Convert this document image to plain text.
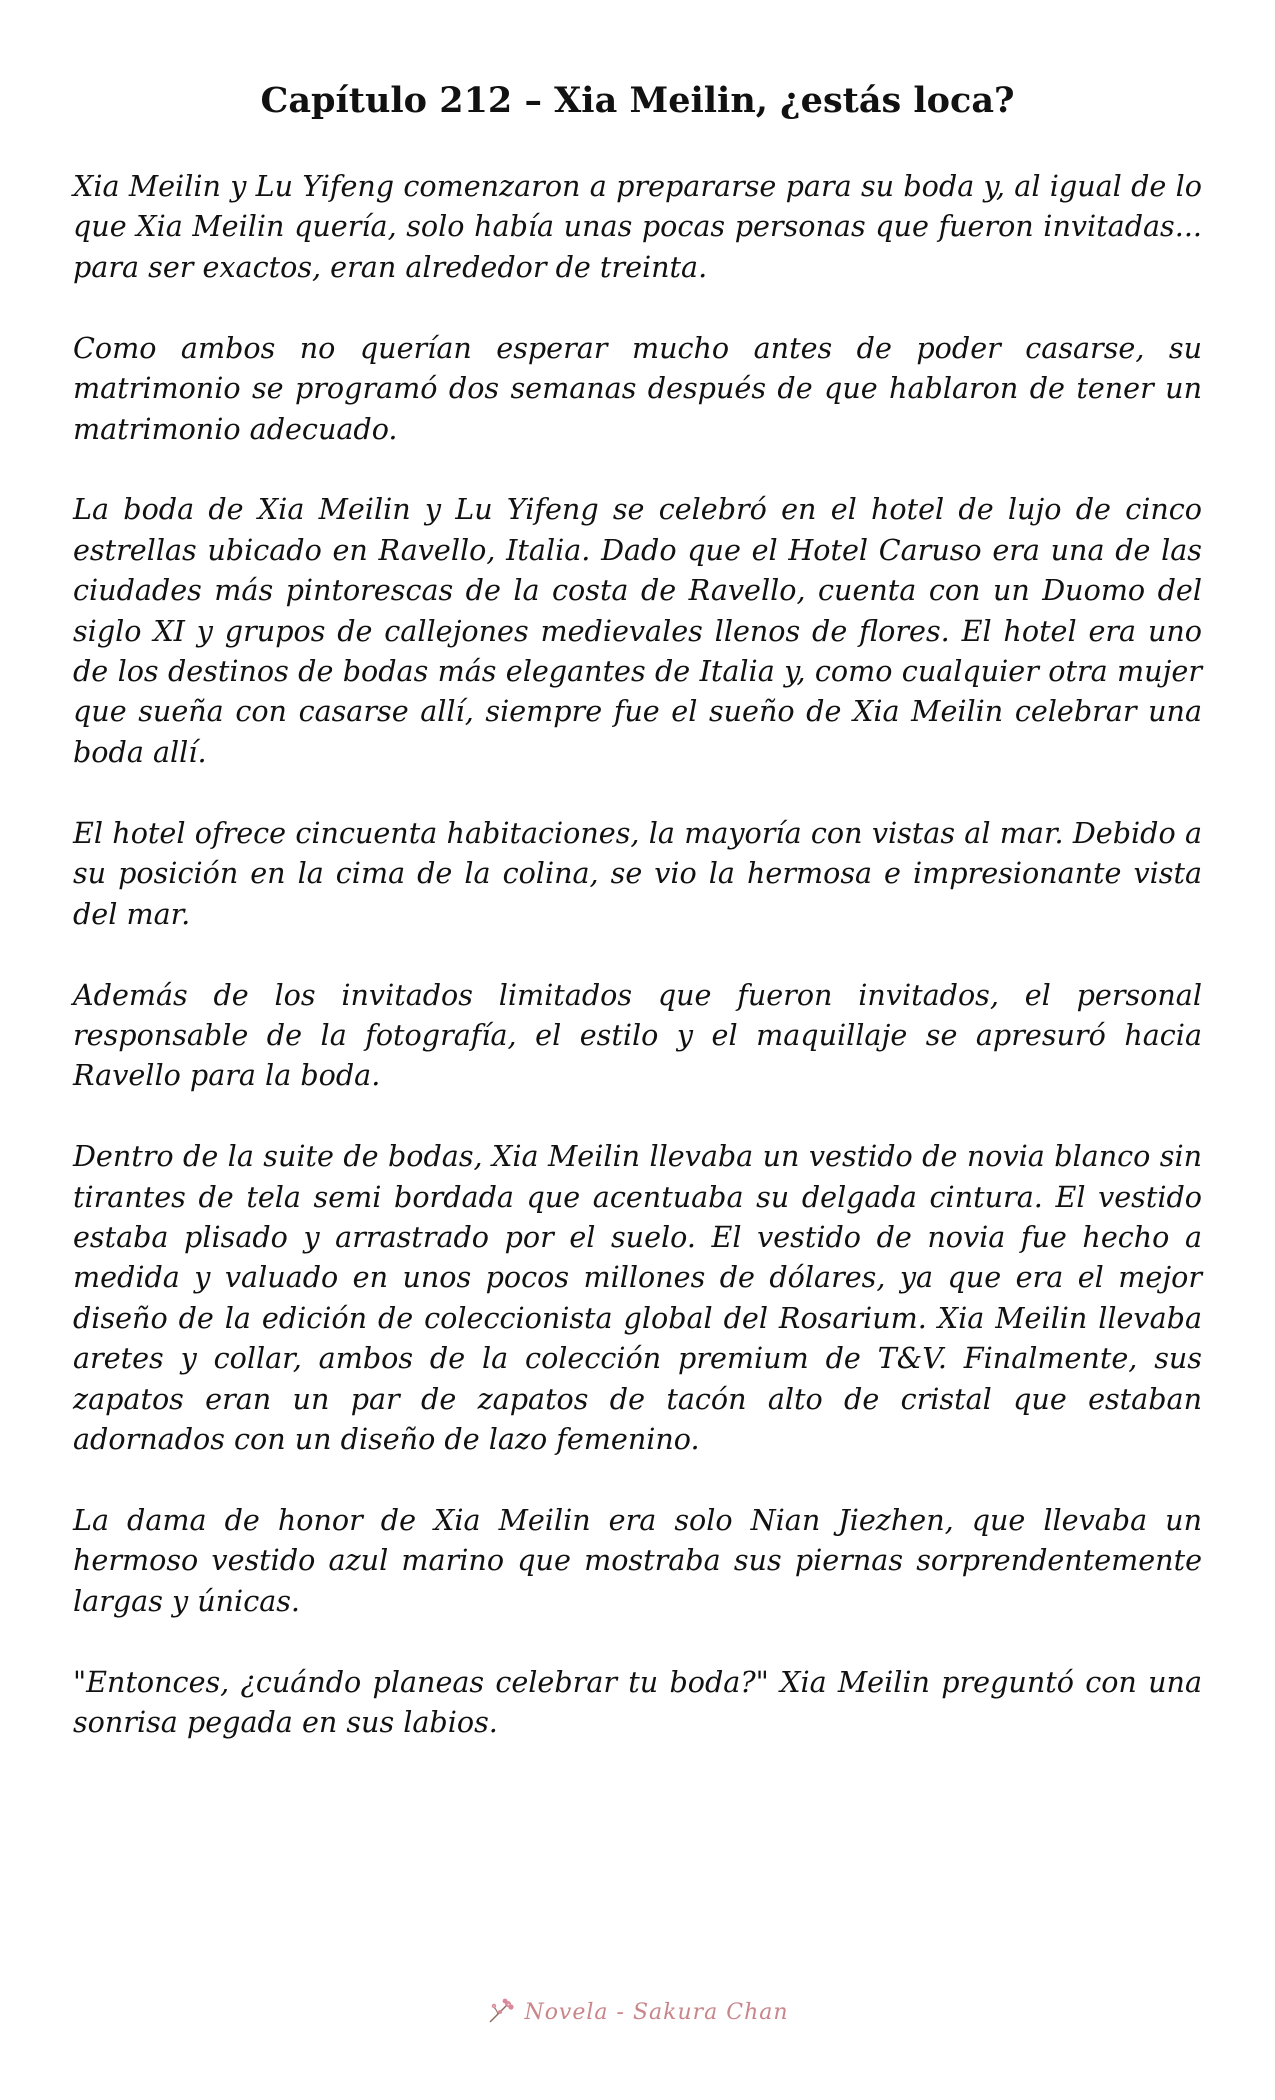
Capítulo 212 – Xia Meilin, ¿estás loca?

Xia Meilin y Lu Yifeng comenzaron a prepararse para su boda y, al igual de lo que Xia Meilin quería, solo había unas pocas personas que fueron invitadas... para ser exactos, eran alrededor de treinta.

Como ambos no querían esperar mucho antes de poder casarse, su matrimonio se programó dos semanas después de que hablaron de tener un matrimonio adecuado.

La boda de Xia Meilin y Lu Yifeng se celebró en el hotel de lujo de cinco estrellas ubicado en Ravello, Italia. Dado que el Hotel Caruso era una de las ciudades más pintorescas de la costa de Ravello, cuenta con un Duomo del siglo XI y grupos de callejones medievales llenos de flores. El hotel era uno de los destinos de bodas más elegantes de Italia y, como cualquier otra mujer que sueña con casarse allí, siempre fue el sueño de Xia Meilin celebrar una boda allí.

El hotel ofrece cincuenta habitaciones, la mayoría con vistas al mar. Debido a su posición en la cima de la colina, se vio la hermosa e impresionante vista del mar.

Además de los invitados limitados que fueron invitados, el personal responsable de la fotografía, el estilo y el maquillaje se apresuró hacia Ravello para la boda.

Dentro de la suite de bodas, Xia Meilin llevaba un vestido de novia blanco sin tirantes de tela semi bordada que acentuaba su delgada cintura. El vestido estaba plisado y arrastrado por el suelo. El vestido de novia fue hecho a medida y valuado en unos pocos millones de dólares, ya que era el mejor diseño de la edición de coleccionista global del Rosarium. Xia Meilin llevaba aretes y collar, ambos de la colección premium de T&V. Finalmente, sus zapatos eran un par de zapatos de tacón alto de cristal que estaban adornados con un diseño de lazo femenino.

La dama de honor de Xia Meilin era solo Nian Jiezhen, que llevaba un hermoso vestido azul marino que mostraba sus piernas sorprendentemente largas y únicas.

"Entonces, ¿cuándo planeas celebrar tu boda?" Xia Meilin preguntó con una sonrisa pegada en sus labios.

Novela - Sakura Chan
